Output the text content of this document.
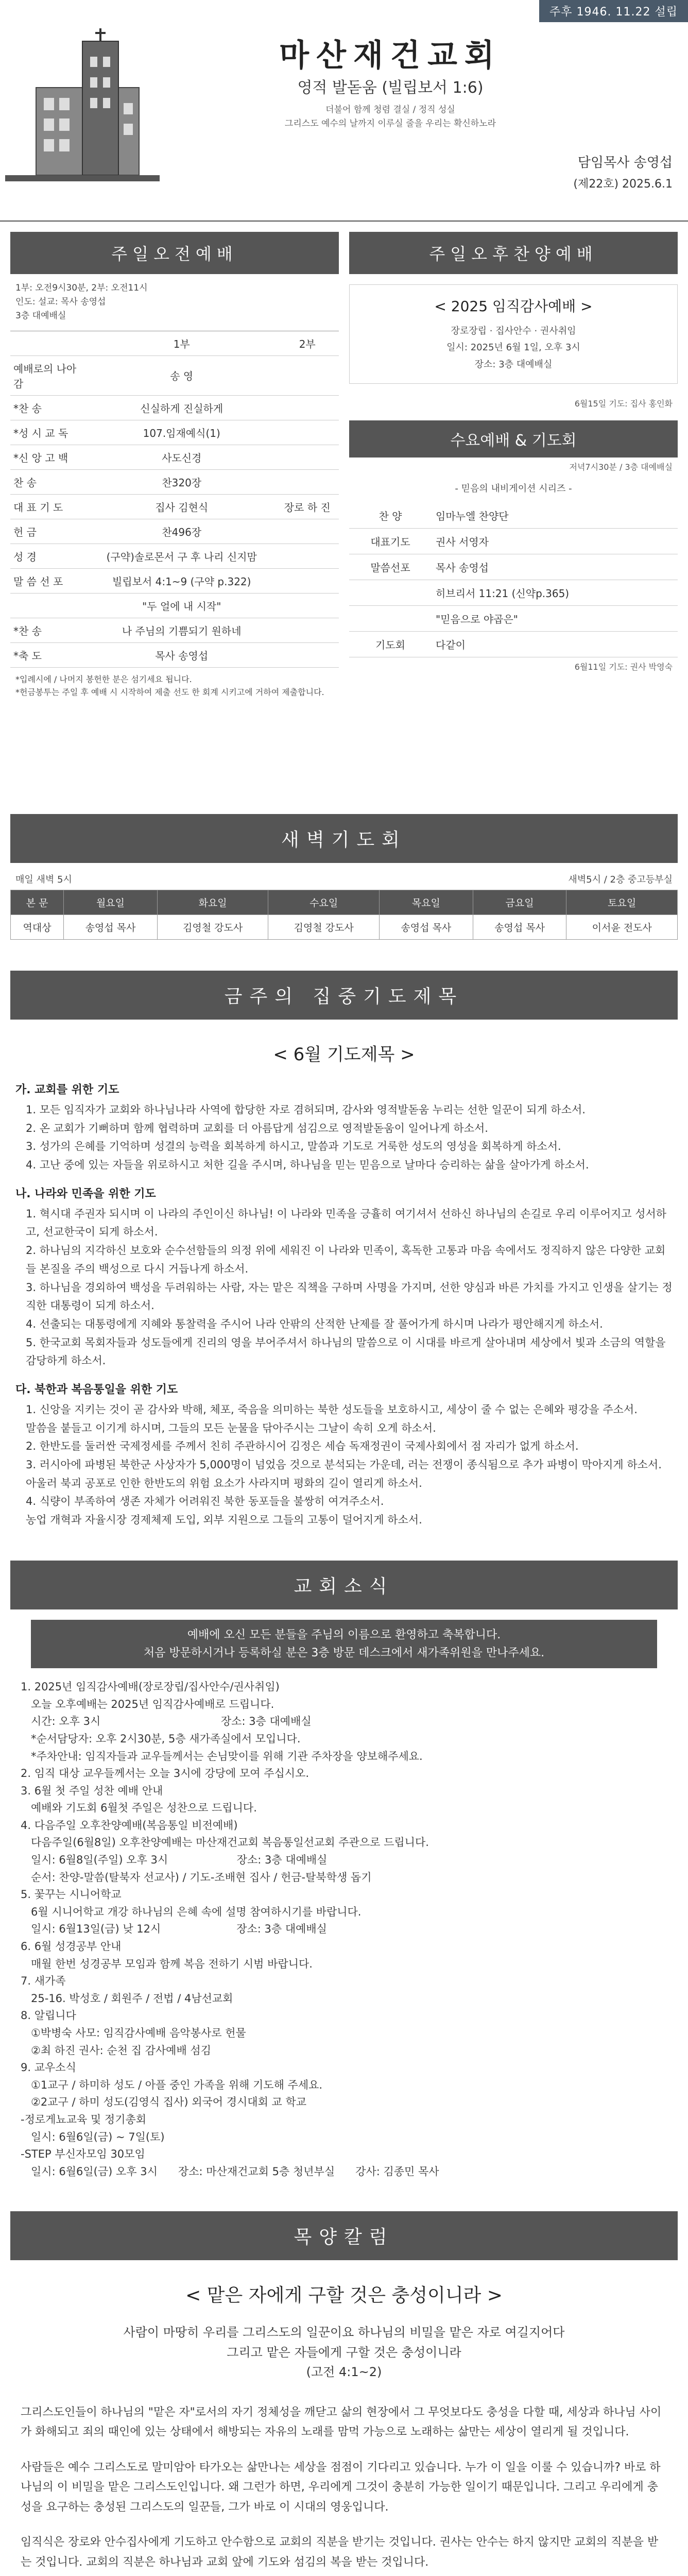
주후 1946. 11.22 설립
마산재건교회
영적 발돋움 (빌립보서 1:6)
더불어 함께 청렴 결실 / 정직 성실
그리스도 예수의 날까지 이루실 줄을 우리는 확신하노라
담임목사 송영섭
(제22호) 2025.6.1
주일오전예배
1부: 오전9시30분, 2부: 오전11시
인도: 설교: 목사 송영섭
3층 대예배실
	1부	2부
예배로의 나아감	송 영	
*찬 송	신실하게 진실하게	
*성 시 교 독	107.임재예식(1)	
*신 앙 고 백	사도신경	
찬 송	찬320장	
대 표 기 도	집사 김현식	장로 하 진
헌 금	찬496장	
성 경	(구약)솔로몬서 구 후 나리 신지맘	
말 씀 선 포	빌립보서 4:1~9 (구약 p.322)	
	"두 얼에 내 시작"	
*찬 송	나 주님의 기쁨되기 원하네	
*축 도	목사 송영섭	
*입례시에 / 나머지 봉헌한 분은 섬기세요 됩니다.
*헌금봉투는 주일 후 예배 시 시작하여 제출 선도 한 회계 시키고에 거하여 제출합니다.
주일오후찬양예배
< 2025 임직감사예배 >
장로장립 · 집사안수 · 권사취임
일시: 2025년 6월 1일, 오후 3시
장소: 3층 대예배실
6월15일 기도: 집사 홍인화
수요예배 & 기도회
저녁7시30분 / 3층 대예배실
- 믿음의 내비게이션 시리즈 -
찬 양	임마누엘 찬양단
대표기도	권사 서영자
말씀선포	목사 송영섭
	히브리서 11:21 (신약p.365)
	"믿음으로 야곱은"
기도회	다같이
6월11일 기도: 권사 박영숙
새벽기도회
매일 새벽 5시	새벽5시 / 2층 중고등부실
본 문	월요일	화요일	수요일	목요일	금요일	토요일
역대상	송영섭 목사	김영철 강도사	김영철 강도사	송영섭 목사	송영섭 목사	이서윤 전도사
금주의 집중기도제목
< 6월 기도제목 >
가. 교회를 위한 기도
1. 모든 임직자가 교회와 하나님나라 사역에 합당한 자로 겸허되며, 감사와 영적발돋움 누리는 선한 일꾼이 되게 하소서.
2. 온 교회가 기뻐하며 함께 협력하며 교회를 더 아름답게 섬김으로 영적발돋움이 일어나게 하소서.
3. 성가의 은혜를 기억하며 성결의 능력을 회복하게 하시고, 말씀과 기도로 거룩한 성도의 영성을 회복하게 하소서.
4. 고난 중에 있는 자들을 위로하시고 처한 길을 주시며, 하나님을 믿는 믿음으로 날마다 승리하는 삶을 살아가게 하소서.
나. 나라와 민족을 위한 기도
1. 혁시대 주권자 되시며 이 나라의 주인이신 하나님! 이 나라와 민족을 긍휼히 여기셔서 선하신 하나님의 손길로 우리 이루어지고 성서하고, 선교한국이 되게 하소서.
2. 하나님의 지각하신 보호와 순수선함들의 의정 위에 세워진 이 나라와 민족이, 혹독한 고통과 마음 속에서도 정직하지 않은 다양한 교회들 본질을 주의 백성으로 다시 거듭나게 하소서.
3. 하나님을 경외하여 백성을 두려워하는 사람, 자는 맡은 직책을 구하며 사명을 가지며, 선한 양심과 바른 가치를 가지고 인생을 살기는 정직한 대통령이 되게 하소서.
4. 선출되는 대통령에게 지혜와 통찰력을 주시어 나라 안팎의 산적한 난제를 잘 풀어가게 하시며 나라가 평안해지게 하소서.
5. 한국교회 목회자들과 성도들에게 진리의 영을 부어주셔서 하나님의 말씀으로 이 시대를 바르게 살아내며 세상에서 빛과 소금의 역할을 감당하게 하소서.
다. 북한과 복음통일을 위한 기도
1. 신앙을 지키는 것이 곧 감사와 박해, 체포, 죽음을 의미하는 북한 성도들을 보호하시고, 세상이 줄 수 없는 은혜와 평강을 주소서.
말씀을 붙들고 이기게 하시며, 그들의 모든 눈물을 닦아주시는 그날이 속히 오게 하소서.
2. 한반도를 둘러싼 국제정세를 주께서 친히 주관하시어 김정은 세습 독재정권이 국제사회에서 점 자리가 없게 하소서.
3. 러시아에 파병된 북한군 사상자가 5,000명이 넘었음 것으로 분석되는 가운데, 러는 전쟁이 종식됨으로 추가 파병이 막아지게 하소서.
아울러 북괴 공포로 인한 한반도의 위험 요소가 사라지며 평화의 길이 열리게 하소서.
4. 식량이 부족하여 생존 자체가 어려워진 북한 동포들을 불쌍히 여겨주소서.
농업 개혁과 자율시장 경제체제 도입, 외부 지원으로 그들의 고통이 덜어지게 하소서.
교회소식
예배에 오신 모든 분들을 주님의 이름으로 환영하고 축복합니다.
처음 방문하시거나 등록하실 분은 3층 방문 데스크에서 새가족위원을 만나주세요.
1. 2025년 임직감사예배(장로장립/집사안수/권사취임)
오늘 오후예배는 2025년 임직감사예배로 드립니다.
시간: 오후 3시                                   장소: 3층 대예배실
*순서담당자: 오후 2시30분, 5층 새가족실에서 모입니다.
*주차안내: 임직자들과 교우들께서는 손님맞이를 위해 기관 주차장을 양보해주세요.
2. 임직 대상 교우들께서는 오늘 3시에 강당에 모여 주십시오.
3. 6월 첫 주일 성찬 예배 안내
예배와 기도회 6월첫 주일은 성찬으로 드립니다.
4. 다음주일 오후찬양예배(복음통일 비전예배)
다음주일(6월8일) 오후찬양예배는 마산재건교회 복음통일선교회 주관으로 드립니다.
일시: 6월8일(주일) 오후 3시                    장소: 3층 대예배실
순서: 찬양-말씀(탈북자 선교사) / 기도-조배현 집사 / 헌금-탈북학생 돕기
5. 꽃꾸는 시니어학교
6월 시니어학교 개강 하나님의 은혜 속에 설명 참여하시기를 바랍니다.
일시: 6월13일(금) 낮 12시                      장소: 3층 대예배실
6. 6월 성경공부 안내
매월 한번 성경공부 모임과 함께 복음 전하기 시범 바랍니다.
7. 새가족
25-16. 박성호 / 회원주 / 전법 / 4남선교회
8. 알립니다
①박병숙 사모: 임직감사예배 음악봉사로 헌물
②최 하진 권사: 순천 집 감사예배 섬김
9. 교우소식
①1교구 / 하미하 성도 / 아플 중인 가족을 위해 기도해 주세요.
②2교구 / 하미 성도(김영식 집사) 외국어 경시대회 교 학교
-정로게뇨교육 및 정기총회
일시: 6월6일(금) ~ 7일(토)
-STEP 부신자모임 30모임
일시: 6월6일(금) 오후 3시      장소: 마산재건교회 5층 청년부실      강사: 김종민 목사
목양칼럼
< 맡은 자에게 구할 것은 충성이니라 >
사람이 마땅히 우리를 그리스도의 일꾼이요 하나님의 비밀을 맡은 자로 여길지어다
그리고 맡은 자들에게 구할 것은 충성이니라
(고전 4:1~2)
그리스도인들이 하나님의 "맡은 자"로서의 자기 정체성을 깨닫고 삶의 현장에서 그 무엇보다도 충성을 다할 때, 세상과 하나님 사이가 화해되고 죄의 때인에 있는 상태에서 해방되는 자유의 노래를 맘먹 가능으로 노래하는 삶만는 세상이 열리게 될 것입니다.
사람들은 예수 그리스도로 말미암아 타가오는 삶만나는 세상을 점점이 기다리고 있습니다. 누가 이 일을 이룰 수 있습니까? 바로 하나님의 이 비밀을 맡은 그리스도인입니다. 왜 그런가 하면, 우리에게 그것이 충분히 가능한 일이기 때문입니다. 그리고 우리에게 충성을 요구하는 충성된 그리스도의 일꾼들, 그가 바로 이 시대의 영웅입니다.
임직식은 장로와 안수집사에게 기도하고 안수함으로 교회의 직분을 받기는 것입니다. 권사는 안수는 하지 않지만 교회의 직분을 받는 것입니다. 교회의 직분은 하나님과 교회 앞에 기도와 섬김의 복을 받는 것입니다.
